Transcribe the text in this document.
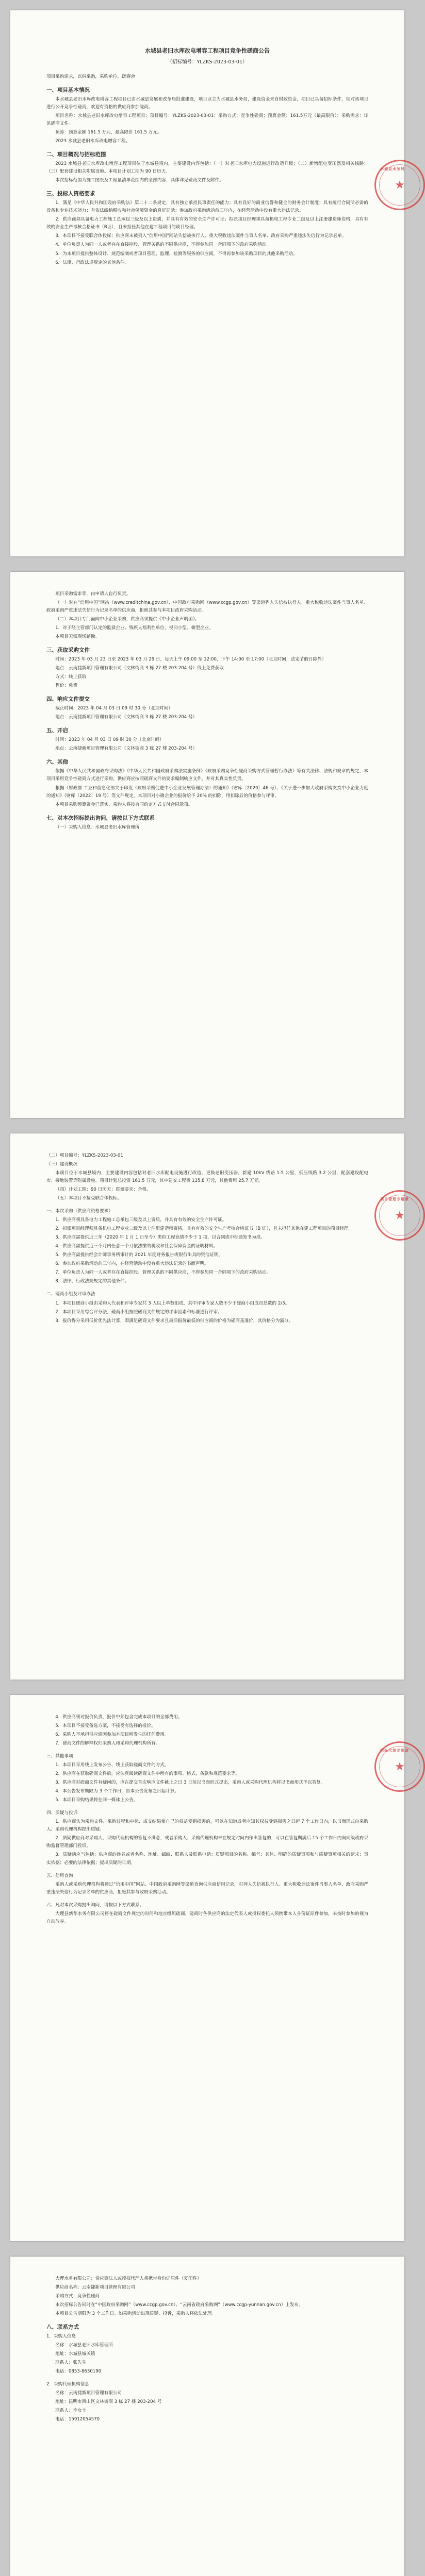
水城县老旧水库改电增容工程项目竞争性磋商公告
（招标编号：YLZKS-2023-03-01）

项目采购需求，以供采购，采购单位，磋商会

一、项目基本情况

本水城县老旧水库改电增容工程项目已由水城县发展和改革局批准建设，项目业主为水城县水务局，建设资金来自财政资金，项目已具备招标条件，现对该项目进行公开竞争性磋商，欢迎有资格的供应商参加磋商。

项目名称：水城县老旧水库改电增容工程项目；项目编号：YLZKS-2023-03-01；采购方式：竞争性磋商；预算金额：161.5万元（最高限价）；采购需求：详见磋商文件。

预算：预算金额 161.5 万元，最高限价 161.5 万元。

2023 水城县老旧水库改电增容工程。

二、项目概况与招标范围

2023 水城县老旧水库改电增容工程项目位于水城县境内，主要建设内容包括：（一）对老旧水库电力设施进行改造升级；（二）新增配电变压器及相关线路；（三）配套建设相关附属设施。本项目计划工期为 90 日历天。

本次招标范围为施工图纸及工程量清单范围内的全部内容，具体详见磋商文件及附件。

三、投标人资格要求

1．满足《中华人民共和国政府采购法》第二十二条规定，具有独立承担民事责任的能力；具有良好的商业信誉和健全的财务会计制度；具有履行合同所必需的设备和专业技术能力；有依法缴纳税收和社会保障资金的良好记录；参加政府采购活动前三年内，在经营活动中没有重大违法记录。

2．供应商须具备电力工程施工总承包三级及以上资质，并具有有效的安全生产许可证；拟派项目经理须具备机电工程专业二级及以上注册建造师资格，具有有效的安全生产考核合格证书（B证），且未担任其他在建工程项目的项目经理。

3．本项目不接受联合体投标；供应商未被列入“信用中国”网站失信被执行人、重大税收违法案件当事人名单、政府采购严重违法失信行为记录名单。

4．单位负责人为同一人或者存在直接控股、管理关系的不同供应商，不得参加同一合同项下的政府采购活动。

5．为本项目提供整体设计、规范编制或者项目管理、监理、检测等服务的供应商，不得再参加该采购项目的其他采购活动。

6．法律、行政法规规定的其他条件。

★
水城县水务局

项目采购需求等，由申请人自行负责。

（一）对在“信用中国”网站（www.creditchina.gov.cn）、中国政府采购网（www.ccgp.gov.cn）等渠道列入失信被执行人、重大税收违法案件当事人名单、政府采购严重违法失信行为记录名单的供应商，拒绝其参与本项目政府采购活动。

（二）本项目专门面向中小企业采购，供应商须提供《中小企业声明函》。

1．对于经主管部门认定的监狱企业、残疾人福利性单位，视同小型、微型企业。

本项目无需现场踏勘。

三、获取采购文件

时间：2023 年 03 月 23 日至 2023 年 03 月 29 日，每天上午 09:00 至 12:00，下午 14:00 至 17:00（北京时间，法定节假日除外）

地点：云南捷新项目管理有限公司（文林街商 3 栋 27 楼 203-204 号）线上免费获取

方式：线上获取

售价：免费

四、响应文件提交

截止时间：2023 年 04 月 03 日 09 时 30 分（北京时间）

地点：云南捷新项目管理有限公司（文林街商 3 栋 27 楼 203-204 号）

五、开启

时间：2023 年 04 月 03 日 09 时 30 分（北京时间）

地点：云南捷新项目管理有限公司（文林街商 3 栋 27 楼 203-204 号）

六、其他

依据《中华人民共和国政府采购法》《中华人民共和国政府采购法实施条例》《政府采购竞争性磋商采购方式管理暂行办法》等有关法律、法规和规章的规定，本项目采用竞争性磋商方式进行采购。供应商应按照磋商文件的要求编制响应文件，并对其真实性负责。

根据《财政部 工业和信息化部关于印发〈政府采购促进中小企业发展管理办法〉的通知》（财库〔2020〕46 号）、《关于进一步加大政府采购支持中小企业力度的通知》（财库〔2022〕19 号）等文件规定，本项目对小微企业的报价给予 20% 的扣除，用扣除后的价格参与评审。

本项目采购预算资金已落实，采购人将按合同约定方式支付合同款项。

七、对本次招标提出询问，请按以下方式联系

（一）采购人信息：水城县老旧水库管理所

（二）项目编号：YLZKS-2023-03-01

（三）建设概况

本项目位于水城县境内，主要建设内容包括对老旧水库配电设施进行改造，更换老旧变压器，新建 10kV 线路 1.5 公里，低压线路 3.2 公里，配套建设配电房、接地装置等附属设施。项目计划总投资 161.5 万元，其中建安工程费 135.8 万元，其他费用 25.7 万元。

（四）计划工期：90 日历天；质量要求：合格。

（五）本项目不接受联合体投标。

一、本次采购（供应商资格要求）

1．供应商须具备电力工程施工总承包三级及以上资质，并具有有效的安全生产许可证。

2．拟派项目经理须具备机电工程专业二级及以上注册建造师资格，具有有效的安全生产考核合格证书（B 证），且未担任其他在建工程项目的项目经理。

3．供应商需提供近三年（2020 年 1 月 1 日至今）类似工程业绩不少于 1 项，以合同或中标通知书为准。

4．供应商需提供近三个月内任意一个月依法缴纳税收和社会保障资金的证明材料。

5．供应商需提供经会计师事务所审计的 2021 年度财务报告或银行出具的资信证明。

6．参加政府采购活动前三年内，在经营活动中没有重大违法记录的书面声明。

7．单位负责人为同一人或者存在直接控股、管理关系的不同供应商，不得参加同一合同项下的政府采购活动。

8．法律、行政法规规定的其他条件。

二、磋商小组及评审办法

1．本项目磋商小组由采购人代表和评审专家共 3 人以上单数组成，其中评审专家人数不少于磋商小组成员总数的 2/3。

2．本项目采用综合评分法，磋商小组按照磋商文件规定的评审因素和标准进行评审。

3．报价得分采用低价优先法计算，即满足磋商文件要求且最后报价最低的供应商的价格为磋商基准价，其价格分为满分。

★
项目管理专用章

4．供应商须对报价负责，报价中须包含完成本项目的全部费用。

5．本项目不接受备选方案，不接受有选择的报价。

6．采购人不承担供应商因参加本项目所发生的任何费用。

7．磋商文件的解释权归采购人和采购代理机构所有。

三、其他事项

1．本项目采用线上发布公告、线上获取磋商文件的方式。

2．供应商在获取磋商文件后，应认真阅读磋商文件中所有的事项、格式、条款和规范要求等。

3．供应商对磋商文件有疑问的，应在提交首次响应文件截止之日 3 日前以书面形式提出，采购人或采购代理机构将以书面形式予以答复。

4．本公告发布期限为 3 个工作日，自本公告发布之日起计算。

5．本项目采购结果将在同一媒体上公告。

四、质疑与投诉

1．供应商认为采购文件、采购过程和中标、成交结果使自己的权益受到损害的，可以在知道或者应知其权益受到损害之日起 7 个工作日内，以书面形式向采购人、采购代理机构提出质疑。

2．质疑供应商对采购人、采购代理机构的答复不满意，或者采购人、采购代理机构未在规定时间内作出答复的，可以在答复期满后 15 个工作日内向同级政府采购监督管理部门投诉。

3．质疑函应当包括：供应商的姓名或者名称、地址、邮编、联系人及联系电话；质疑项目的名称、编号；具体、明确的质疑事项和与质疑事项相关的请求；事实依据；必要的法律依据；提出质疑的日期。

五、信用查询

采购人或采购代理机构将通过“信用中国”网站、中国政府采购网等渠道查询供应商信用记录，对列入失信被执行人、重大税收违法案件当事人名单、政府采购严重违法失信行为记录名单的供应商，拒绝其参与政府采购活动。

六、凡对本次采购提出询问，请按以下方式联系。

大理县新华水务有限公司将在磋商文件规定的时间和地点组织磋商，磋商时各供应商的法定代表人或授权委托人须携带本人身份证原件参加，未按时参加的视为自动放弃。

★
招标代理专用章

大理水务有限公司：供应商法人或授权代理人须携带身份证原件（复印件）

供应商名称：云南捷新项目管理有限公司

采购方式：竞争性磋商

本次招标公告同时在“中国政府采购网”（www.ccgp.gov.cn）、“云南省政府采购网”（www.ccgp-yunnan.gov.cn）上发布。

本项目公告期限为 3 个工作日。如采购活动出现质疑、投诉，采购人将依法处理。

八、联系方式

1．采购人信息

名称：水城县老旧水库管理所

地址：水城县城关镇

联系人：张先生

电话：0853-8630190

2．采购代理机构信息

名称：云南捷新项目管理有限公司

地址：昆明市西山区文林街商 3 栋 27 楼 203-204 号

联系人：李女士

电话：15912054570
